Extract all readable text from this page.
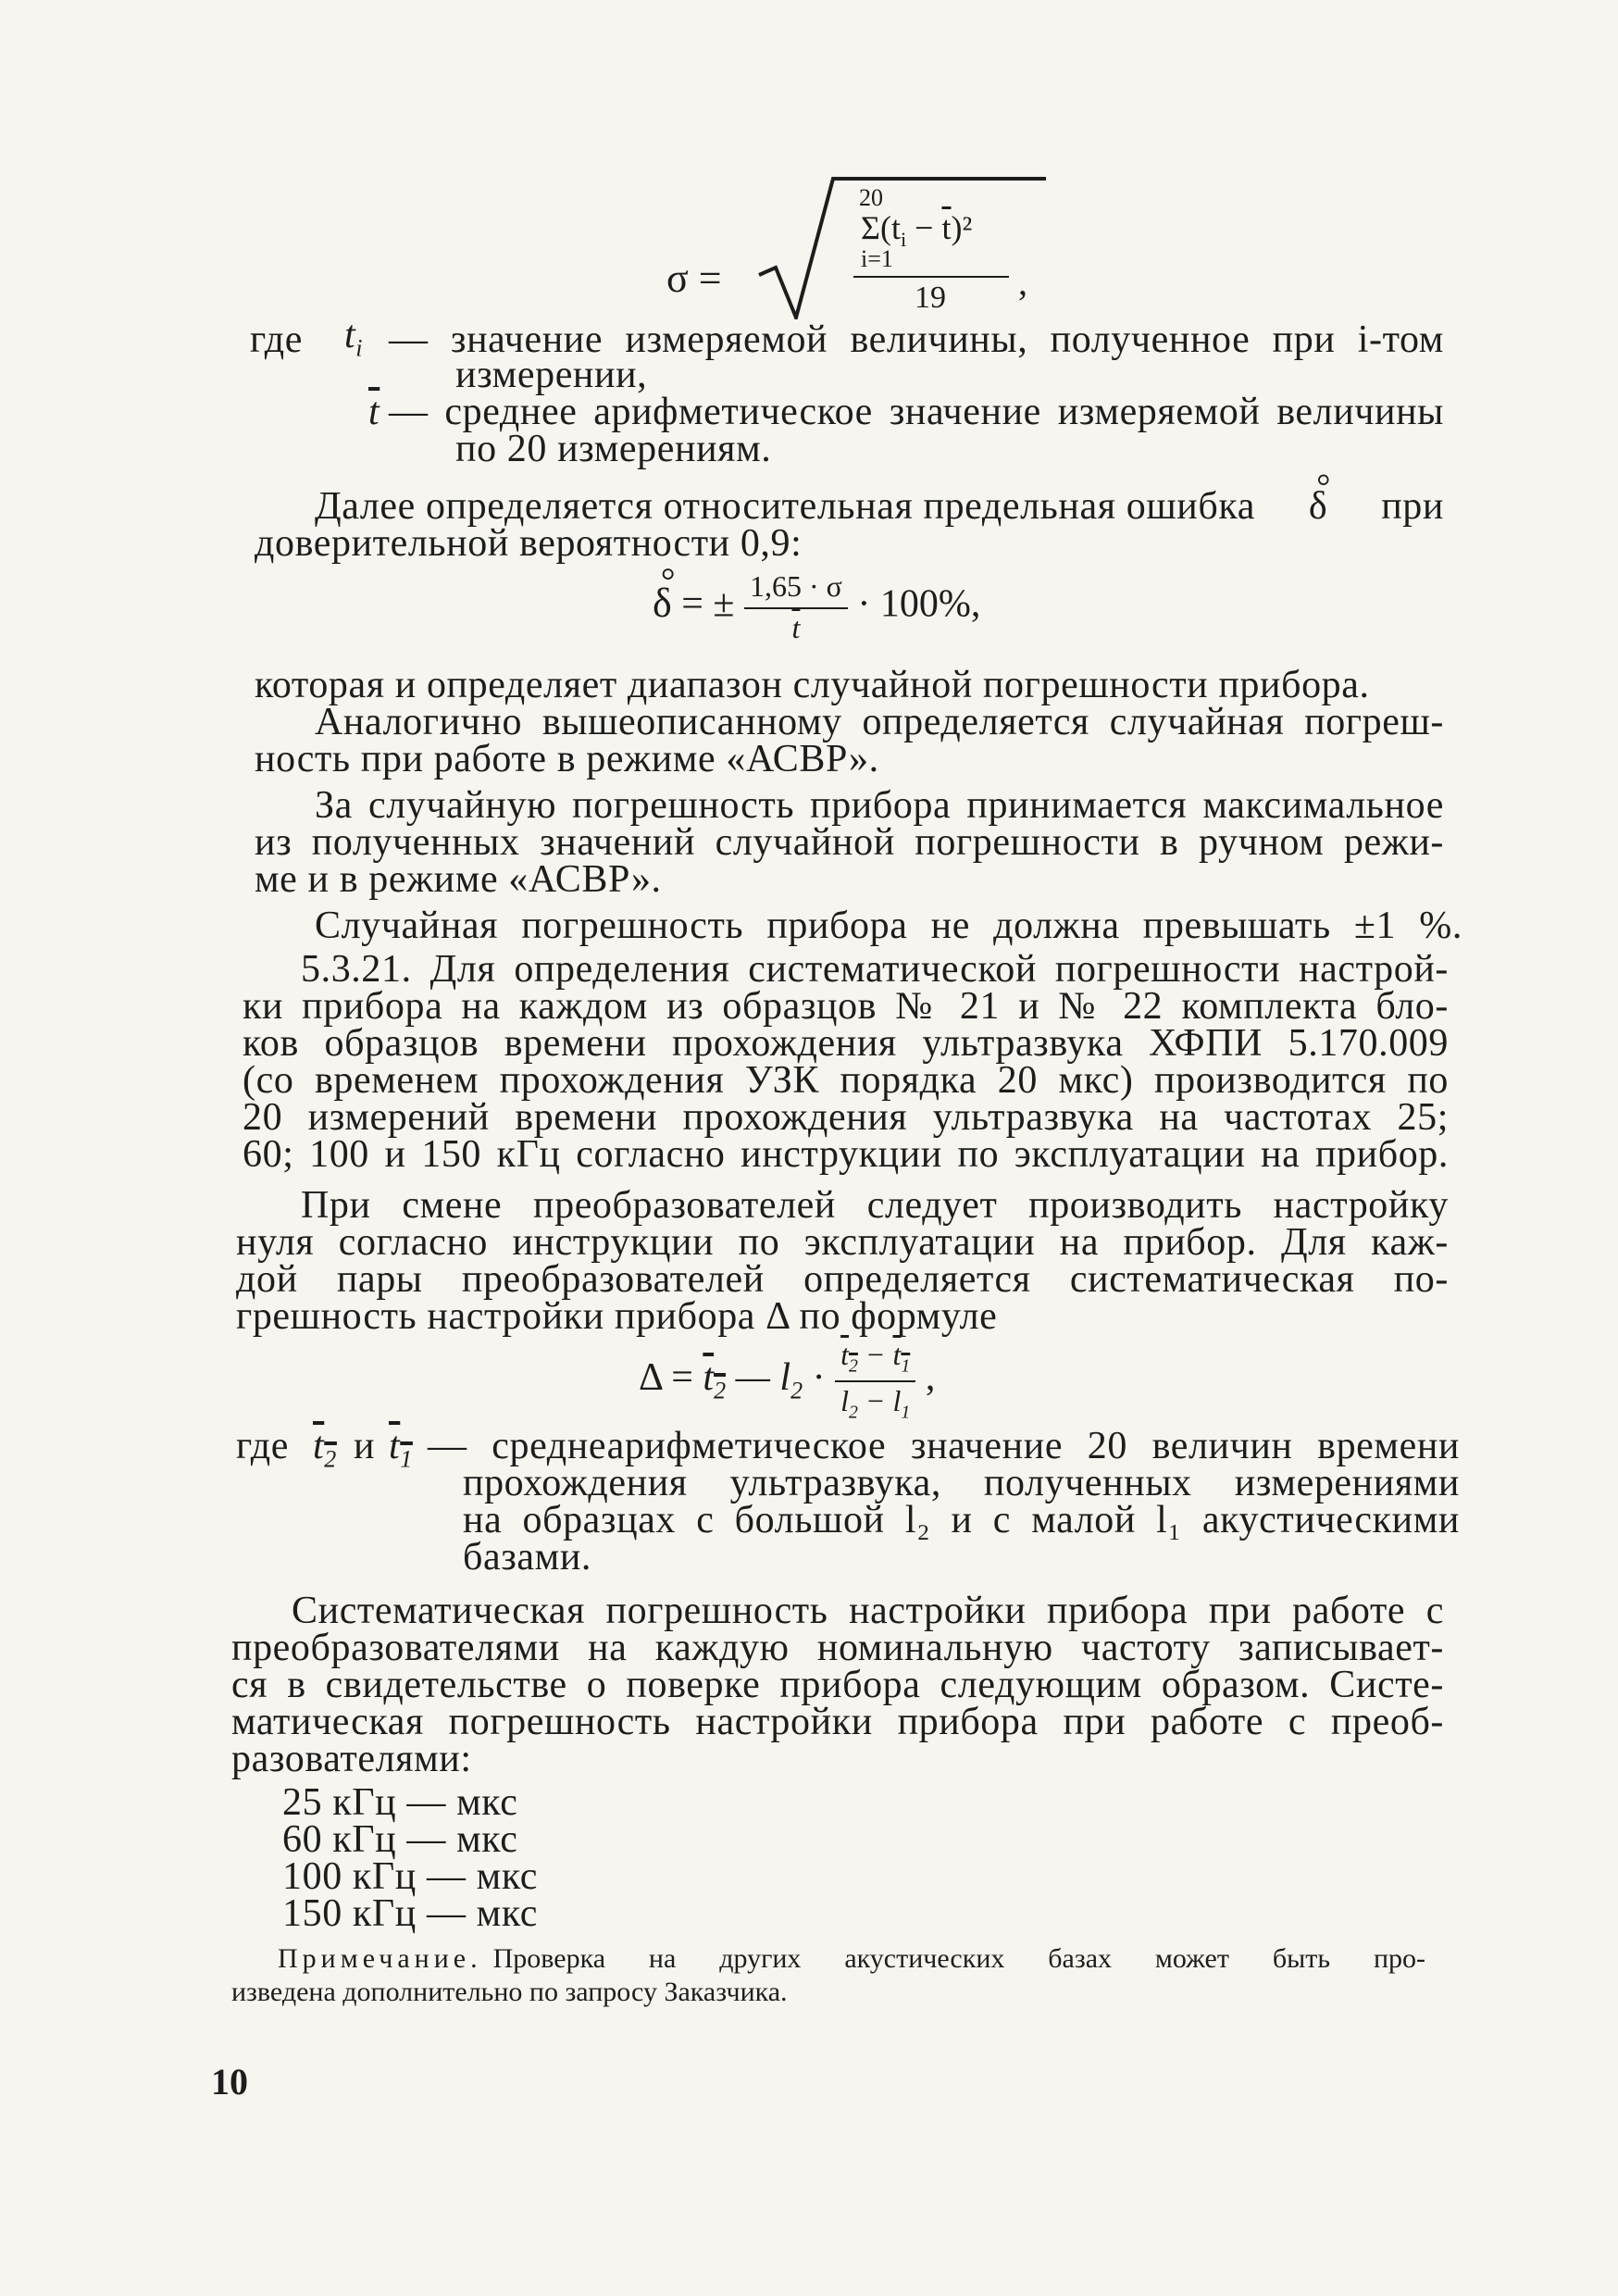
σ =
20
$\Sigma(t_i - \overline{t})^2$
i=1
19 ,
где $t_i$ — значение измеряемой величины, полученное при i-том
измерении,
$\overline{t}$ — среднее арифметическое значение измеряемой величины
по 20 измерениям.
Далее определяется относительная предельная ошибка ° δ при
доверительной вероятности 0,9:
° δ = ± $\frac{1,65 \cdot \sigma}{t} \cdot 100\%$,
которая и определяет диапазон случайной погрешности прибора.
Аналогично вышеописанному определяется случайная погреш-
ность при работе в режиме «АСВР».
За случайную погрешность прибора принимается максимальное
из полученных значений случайной погрешности в ручном режи-
ме и в режиме «АСВР».
Случайная погрешность прибора не должна превышать ±1 %.
5.3.21. Для определения систематической погрешности настрой-
ки прибора на каждом из образцов № 21 и № 22 комплекта бло-
ков образцов времени прохождения ультразвука ХФПИ 5.170.009
(со временем прохождения УЗК порядка 20 мкс) производится по
20 измерений времени прохождения ультразвука на частотах 25;
60; 100 и 150 кГц согласно инструкции по эксплуатации на прибор.
При смене преобразователей следует производить настройку
нуля согласно инструкции по эксплуатации на прибор. Для каж-
дой пары преобразователей определяется систематическая по-
грешность настройки прибора Δ по формуле
$\Delta = t_2$ — $l_2 \cdot \frac{t_2 - t_1}{l_2 - l_1}$ ,
где $t_2$ и $t_1$ — среднеарифметическое значение 20 величин времени
прохождения ультразвука, полученных измерениями
на образцах с большой l₂ и с малой l₁ акустическими
базами.
Систематическая погрешность настройки прибора при работе с
преобразователями на каждую номинальную частоту записывает-
ся в свидетельстве о поверке прибора следующим образом. Систе-
матическая погрешность настройки прибора при работе с преоб-
разователями:
25 кГц — мкс
60 кГц — мкс
100 кГц — мкс
150 кГц — мкс
Примечание. Проверка на других акустических базах может быть про-
изведена дополнительно по запросу Заказчика.
10
